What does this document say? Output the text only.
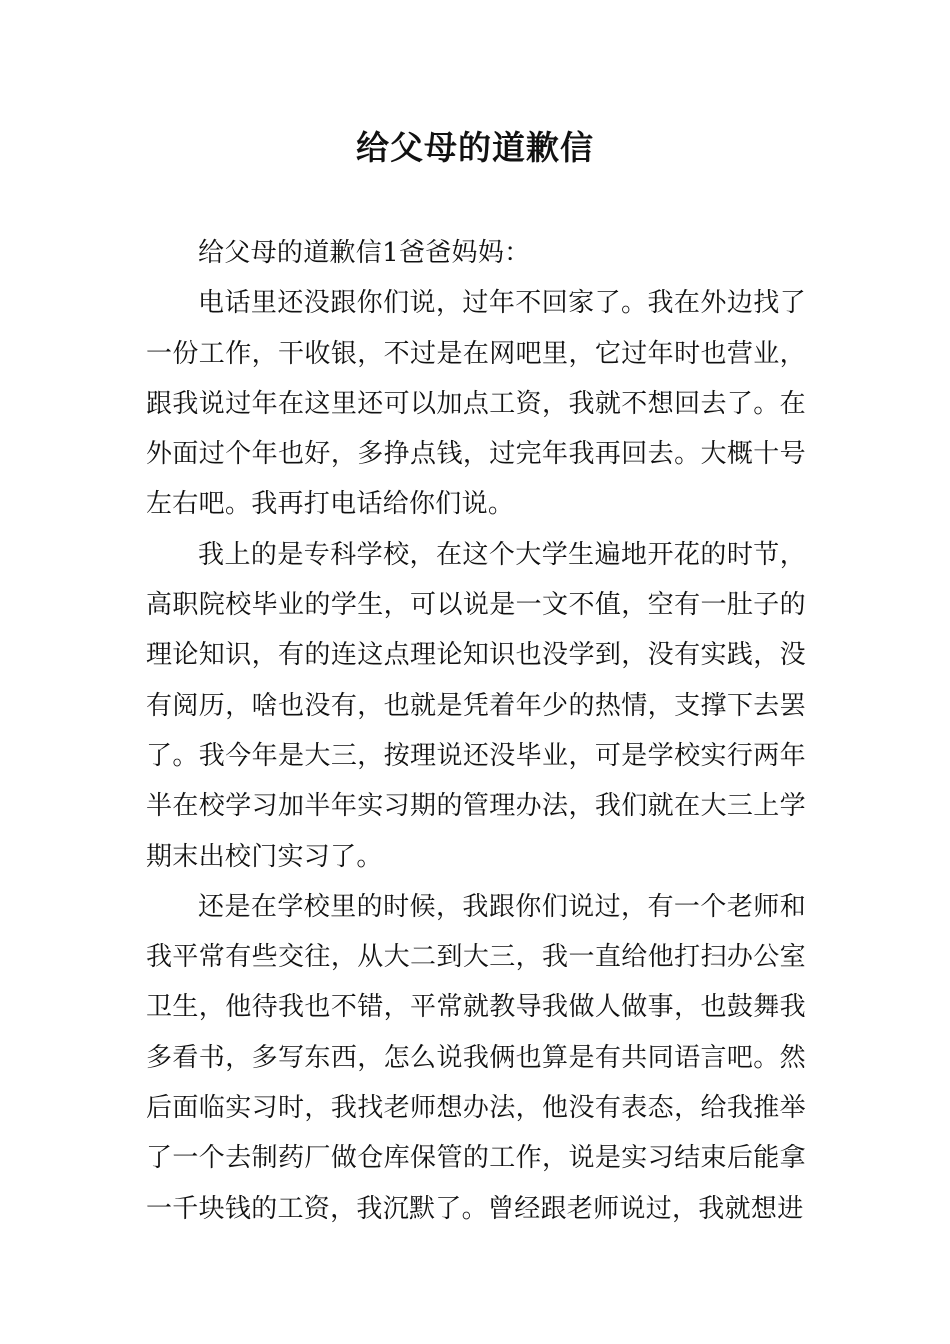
给父母的道歉信

给父母的道歉信1爸爸妈妈：

电话里还没跟你们说，过年不回家了。我在外边找了一份工作，干收银，不过是在网吧里，它过年时也营业，跟我说过年在这里还可以加点工资，我就不想回去了。在外面过个年也好，多挣点钱，过完年我再回去。大概十号左右吧。我再打电话给你们说。

我上的是专科学校，在这个大学生遍地开花的时节，高职院校毕业的学生，可以说是一文不值，空有一肚子的理论知识，有的连这点理论知识也没学到，没有实践，没有阅历，啥也没有，也就是凭着年少的热情，支撑下去罢了。我今年是大三，按理说还没毕业，可是学校实行两年半在校学习加半年实习期的管理办法，我们就在大三上学期末出校门实习了。

还是在学校里的时候，我跟你们说过，有一个老师和我平常有些交往，从大二到大三，我一直给他打扫办公室卫生，他待我也不错，平常就教导我做人做事，也鼓舞我多看书，多写东西，怎么说我俩也算是有共同语言吧。然后面临实习时，我找老师想办法，他没有表态，给我推举了一个去制药厂做仓库保管的工作，说是实习结束后能拿一千块钱的工资，我沉默了。曾经跟老师说过，我就想进
